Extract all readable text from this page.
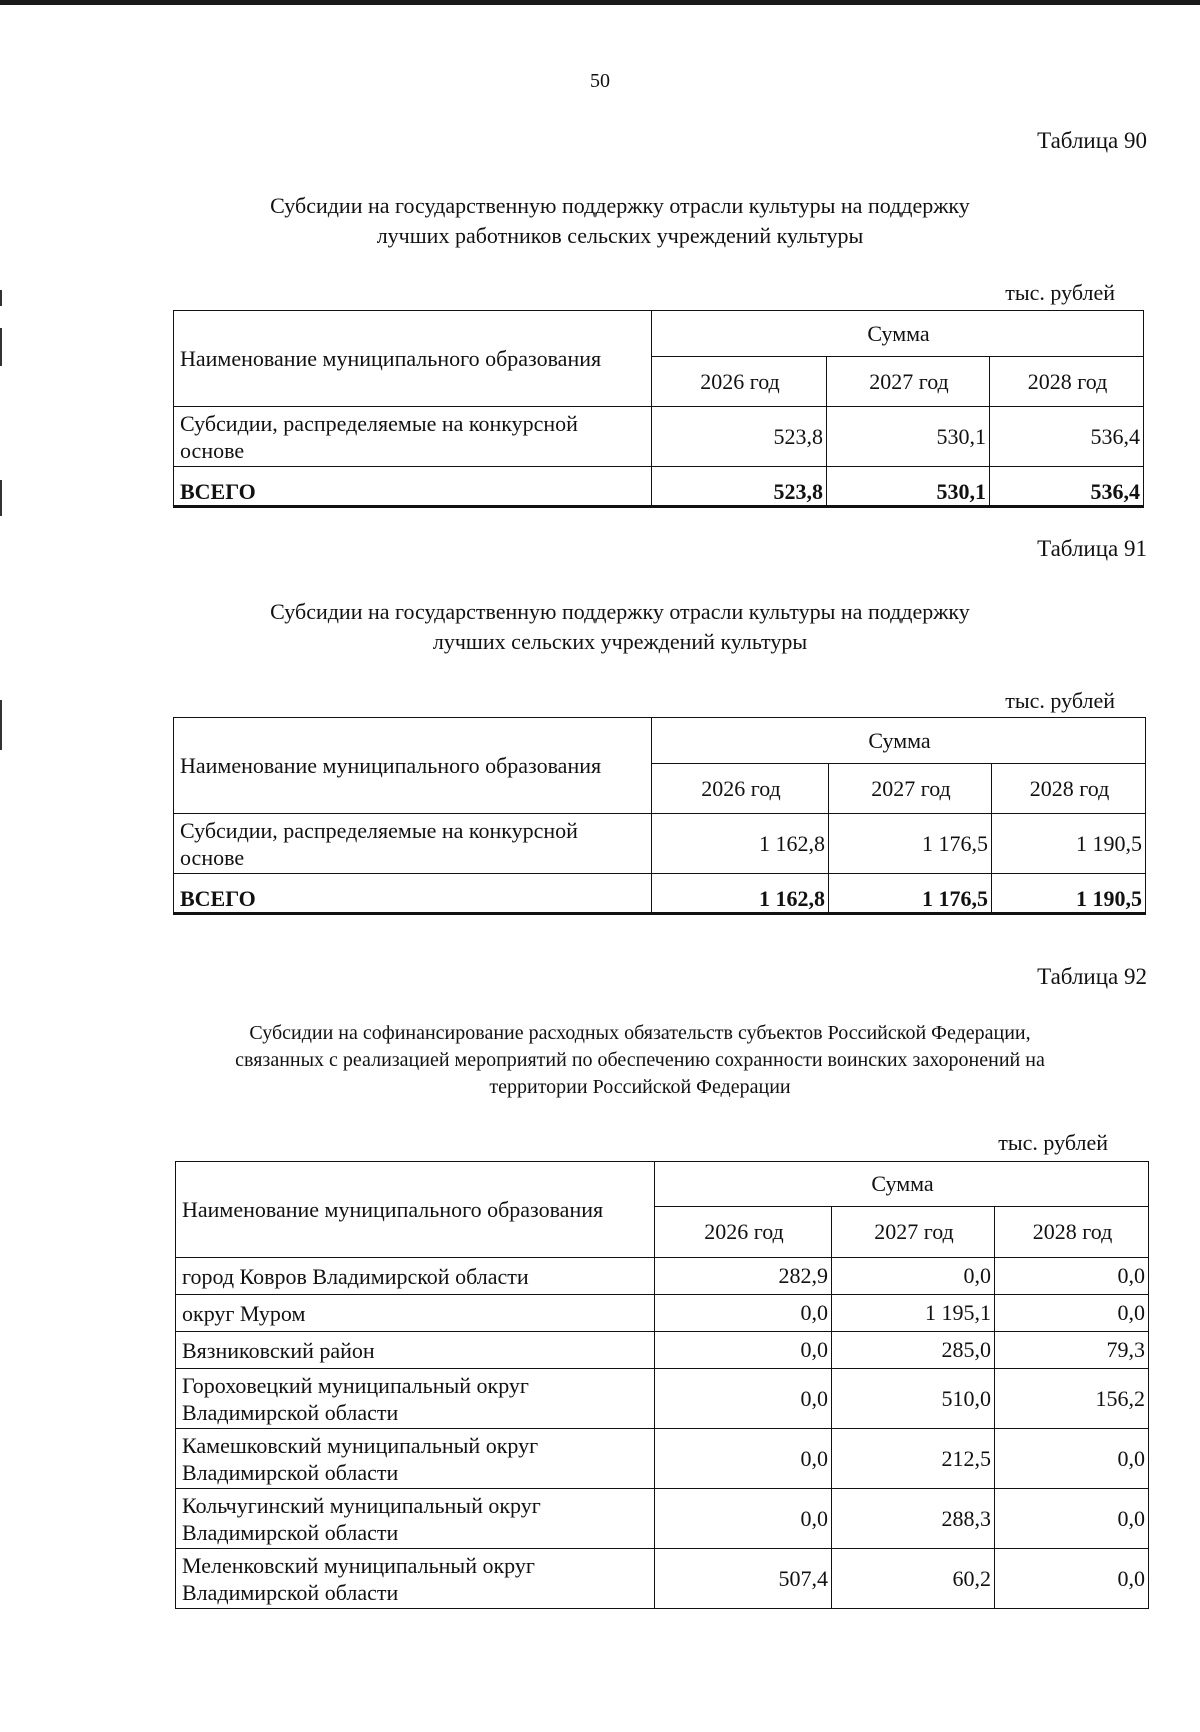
50
Таблица 90
Субсидии на государственную поддержку отрасли культуры на поддержку
лучших работников сельских учреждений культуры
тыс. рублей
Наименование муниципального образования	Сумма		
	2026 год	2027 год	2028 год
Субсидии, распределяемые на конкурсной основе	523,8	530,1	536,4
ВСЕГО	523,8	530,1	536,4
Таблица 91
Субсидии на государственную поддержку отрасли культуры на поддержку
лучших сельских учреждений культуры
тыс. рублей
Наименование муниципального образования	Сумма		
	2026 год	2027 год	2028 год
Субсидии, распределяемые на конкурсной основе	1 162,8	1 176,5	1 190,5
ВСЕГО	1 162,8	1 176,5	1 190,5
Таблица 92
Субсидии на софинансирование расходных обязательств субъектов Российской Федерации,
связанных с реализацией мероприятий по обеспечению сохранности воинских захоронений на
территории Российской Федерации
тыс. рублей
Наименование муниципального образования	Сумма		
	2026 год	2027 год	2028 год
город Ковров Владимирской области	282,9	0,0	0,0
округ Муром	0,0	1 195,1	0,0
Вязниковский район	0,0	285,0	79,3

Гороховецкий муниципальный округ
Владимирской области	0,0	510,0	156,2

Камешковский муниципальный округ
Владимирской области	0,0	212,5	0,0

Кольчугинский муниципальный округ
Владимирской области	0,0	288,3	0,0

Меленковский муниципальный округ
Владимирской области	507,4	60,2	0,0
